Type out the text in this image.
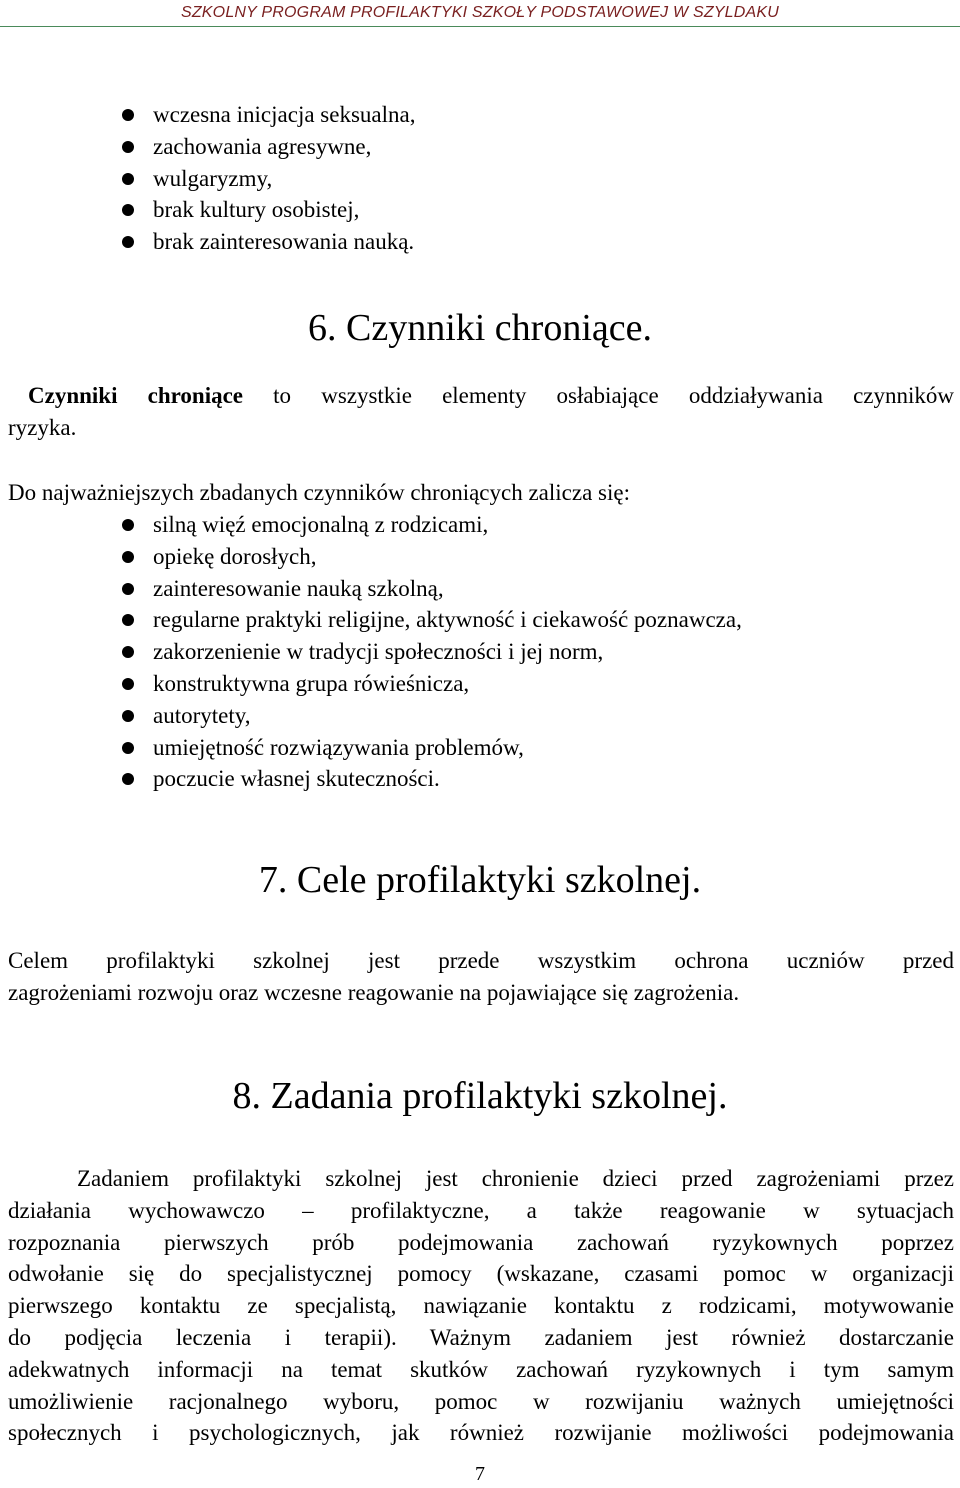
SZKOLNY PROGRAM PROFILAKTYKI SZKOŁY PODSTAWOWEJ W SZYLDAKU
wczesna inicjacja seksualna,
zachowania agresywne,
wulgaryzmy,
brak kultury osobistej,
brak zainteresowania nauką.
6. Czynniki chroniące.
Czynniki chroniące to wszystkie elementy osłabiające oddziaływania czynników
ryzyka.
Do najważniejszych zbadanych czynników chroniących zalicza się:
silną więź emocjonalną z rodzicami,
opiekę dorosłych,
zainteresowanie nauką szkolną,
regularne praktyki religijne, aktywność i ciekawość poznawcza,
zakorzenienie w tradycji społeczności i jej norm,
konstruktywna grupa rówieśnicza,
autorytety,
umiejętność rozwiązywania problemów,
poczucie własnej skuteczności.
7. Cele profilaktyki szkolnej.
Celem profilaktyki szkolnej jest przede wszystkim ochrona uczniów przed
zagrożeniami rozwoju oraz wczesne reagowanie na pojawiające się zagrożenia.
8. Zadania profilaktyki szkolnej.
Zadaniem profilaktyki szkolnej jest chronienie dzieci przed zagrożeniami przez
działania wychowawczo – profilaktyczne, a także reagowanie w sytuacjach
rozpoznania pierwszych prób podejmowania zachowań ryzykownych poprzez
odwołanie się do specjalistycznej pomocy (wskazane, czasami pomoc w organizacji
pierwszego kontaktu ze specjalistą, nawiązanie kontaktu z rodzicami, motywowanie
do podjęcia leczenia i terapii). Ważnym zadaniem jest również dostarczanie
adekwatnych informacji na temat skutków zachowań ryzykownych i tym samym
umożliwienie racjonalnego wyboru, pomoc w rozwijaniu ważnych umiejętności
społecznych i psychologicznych, jak również rozwijanie możliwości podejmowania
7
